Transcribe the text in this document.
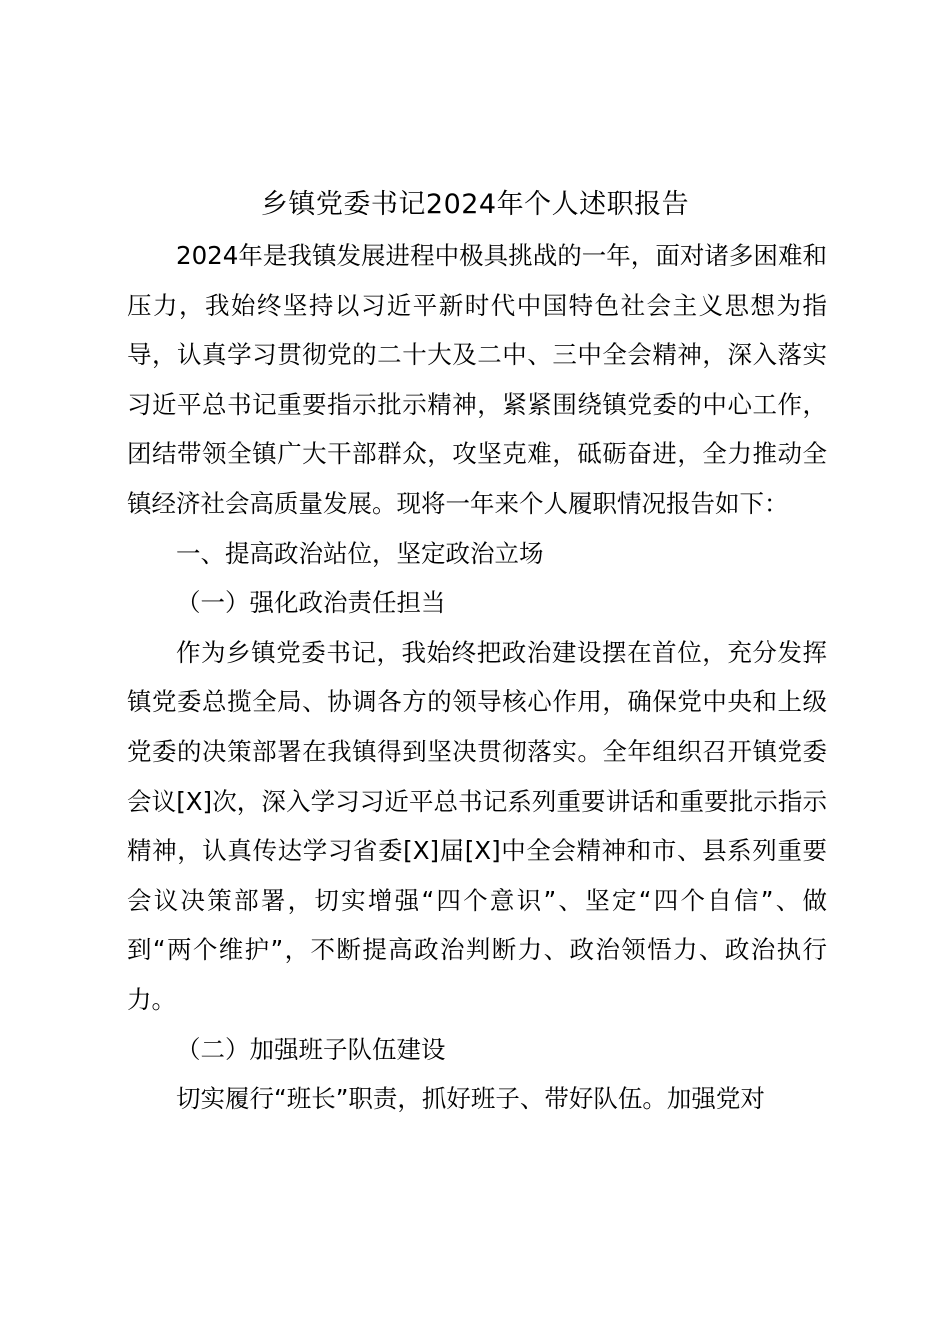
乡镇党委书记2024年个人述职报告

2024年是我镇发展进程中极具挑战的一年，面对诸多困难和压力，我始终坚持以习近平新时代中国特色社会主义思想为指导，认真学习贯彻党的二十大及二中、三中全会精神，深入落实习近平总书记重要指示批示精神，紧紧围绕镇党委的中心工作，团结带领全镇广大干部群众，攻坚克难，砥砺奋进，全力推动全镇经济社会高质量发展。现将一年来个人履职情况报告如下：

一、提高政治站位，坚定政治立场

（一）强化政治责任担当

作为乡镇党委书记，我始终把政治建设摆在首位，充分发挥镇党委总揽全局、协调各方的领导核心作用，确保党中央和上级党委的决策部署在我镇得到坚决贯彻落实。全年组织召开镇党委会议[X]次，深入学习习近平总书记系列重要讲话和重要批示指示精神，认真传达学习省委[X]届[X]中全会精神和市、县系列重要会议决策部署，切实增强“四个意识”、坚定“四个自信”、做到“两个维护”，不断提高政治判断力、政治领悟力、政治执行力。

（二）加强班子队伍建设

切实履行“班长”职责，抓好班子、带好队伍。加强党对
